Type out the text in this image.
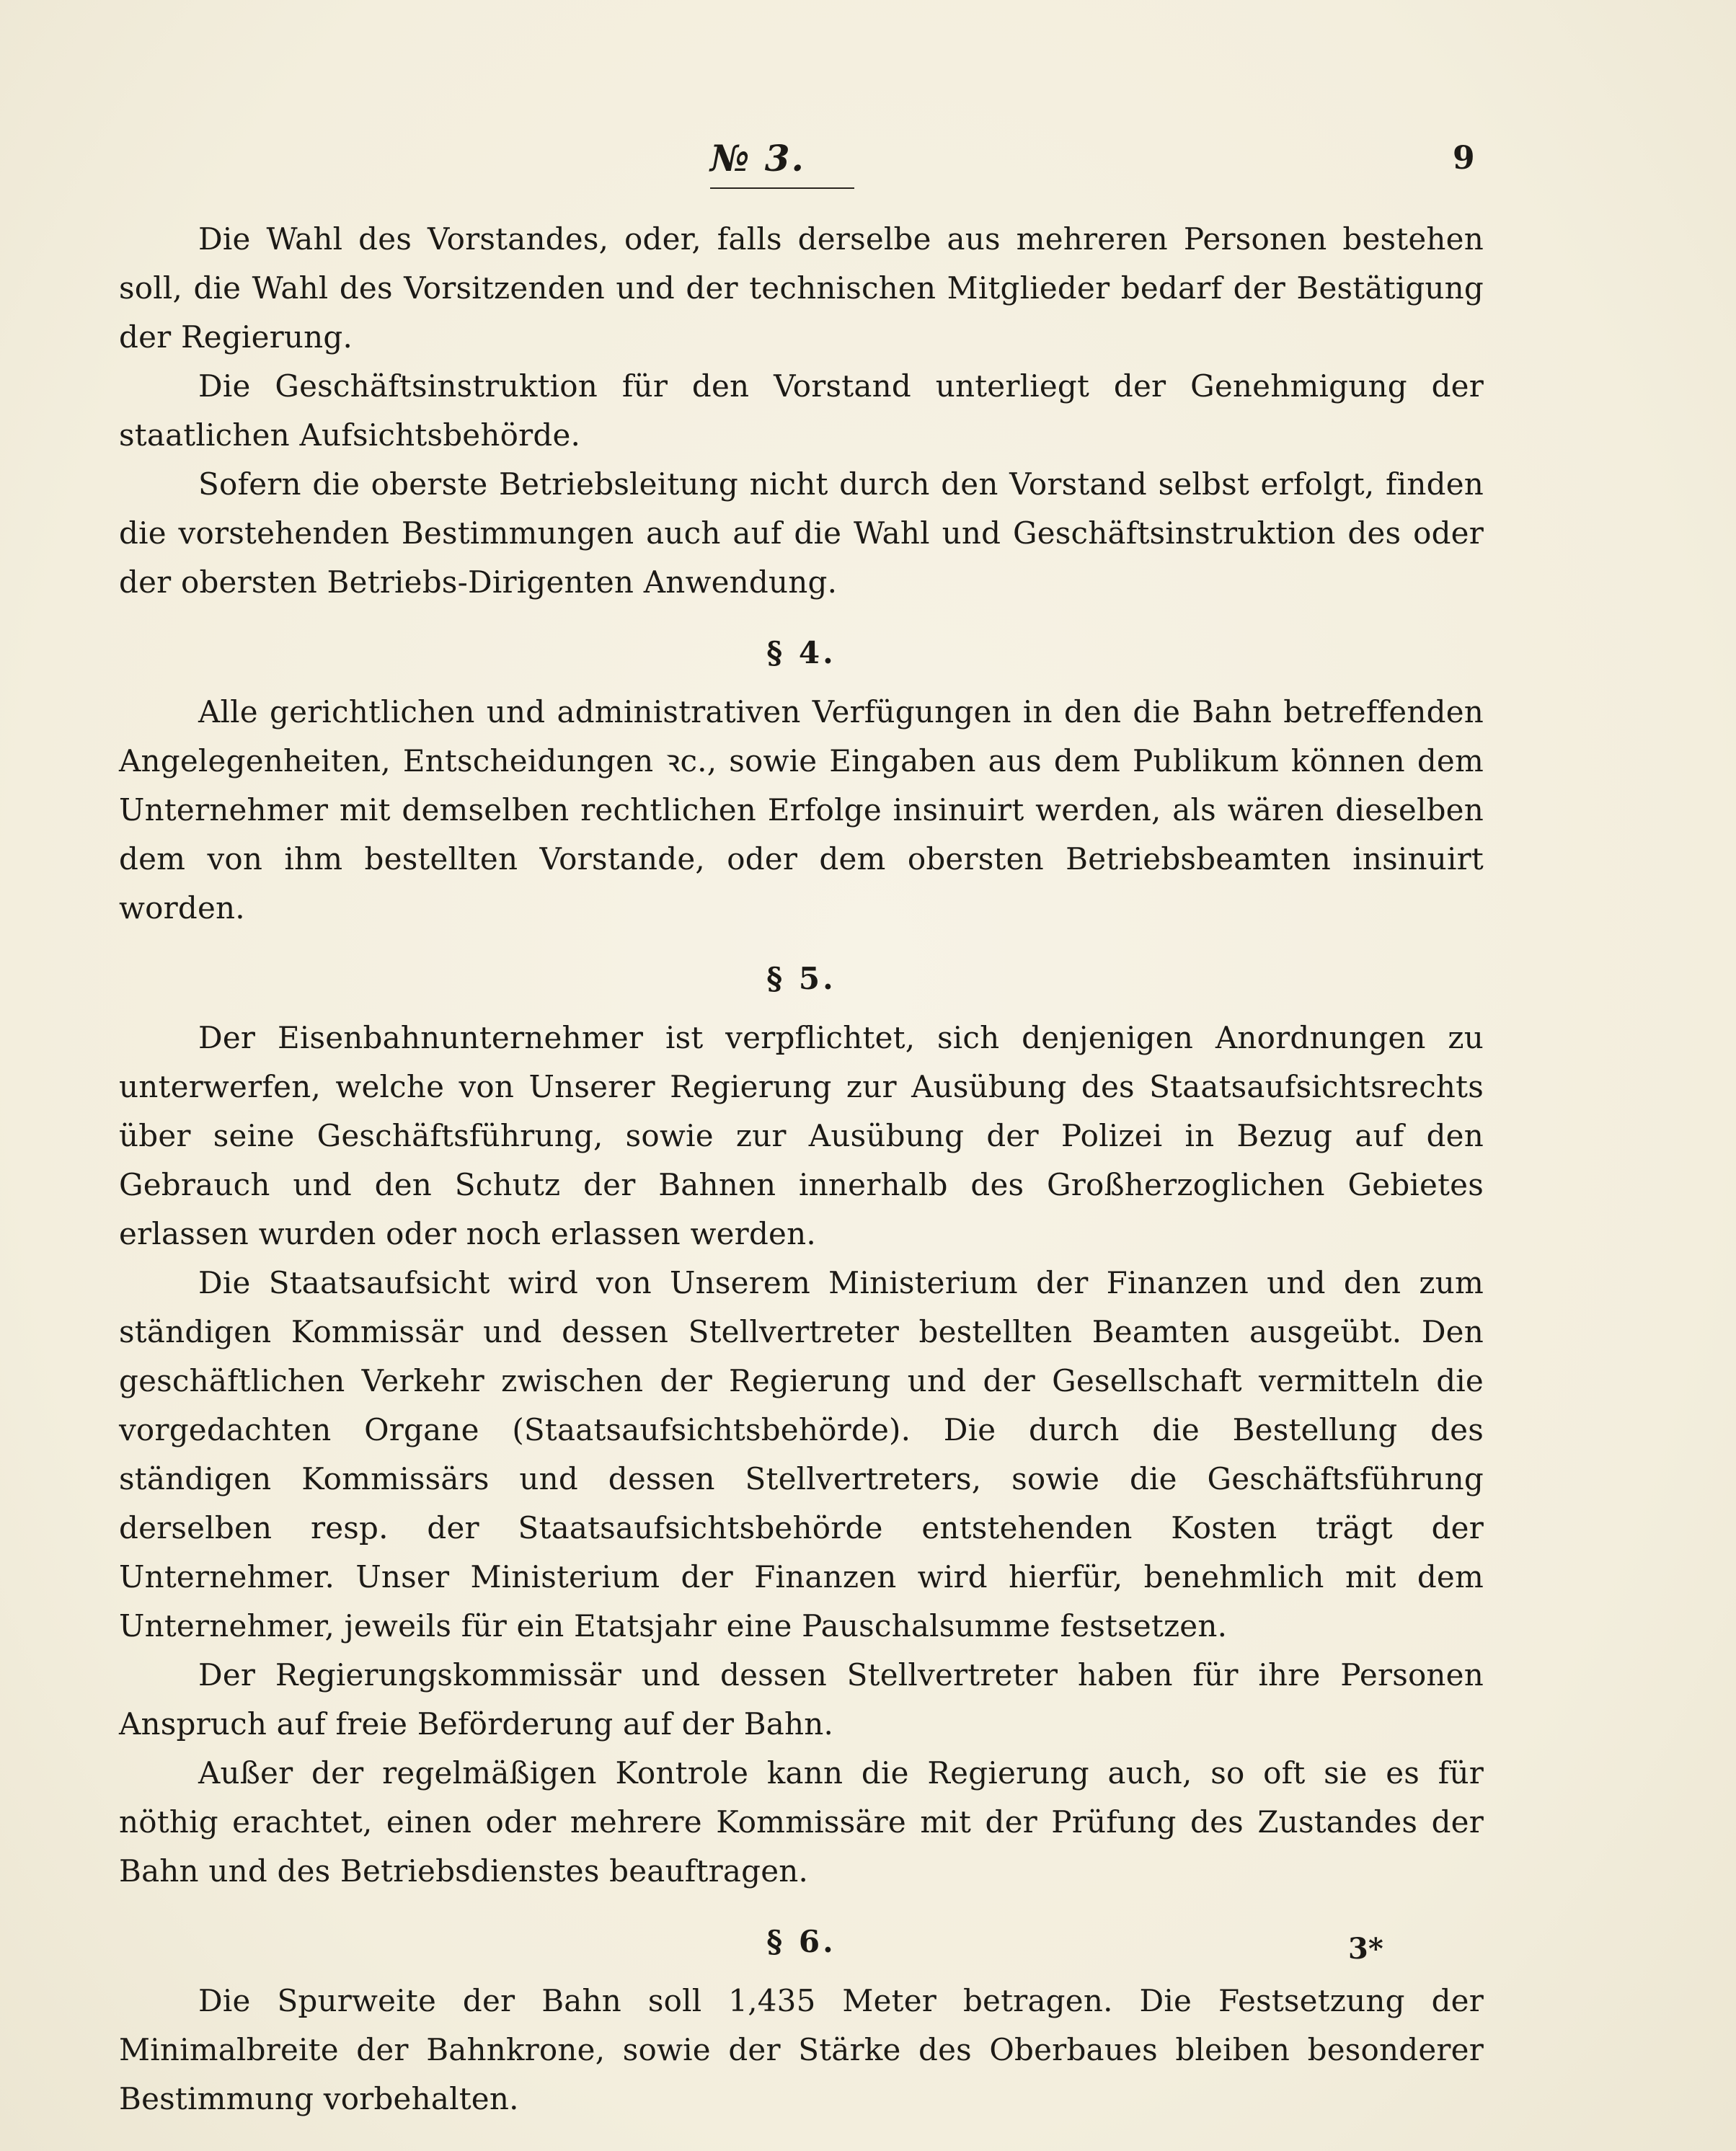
№ 3.	9

Die Wahl des Vorstandes, oder, falls derselbe aus mehreren Personen bestehen soll, die Wahl des Vorsitzenden und der technischen Mitglieder bedarf der Bestätigung der Regierung.

Die Geschäftsinstruktion für den Vorstand unterliegt der Genehmigung der staatlichen Aufsichtsbehörde.

Sofern die oberste Betriebsleitung nicht durch den Vorstand selbst erfolgt, finden die vorstehenden Bestimmungen auch auf die Wahl und Geschäftsinstruktion des oder der obersten Betriebs-Dirigenten Anwendung.

§ 4.

Alle gerichtlichen und administrativen Verfügungen in den die Bahn betreffenden Angelegenheiten, Entscheidungen ꝛc., sowie Eingaben aus dem Publikum können dem Unternehmer mit demselben rechtlichen Erfolge insinuirt werden, als wären dieselben dem von ihm bestellten Vorstande, oder dem obersten Betriebsbeamten insinuirt worden.

§ 5.

Der Eisenbahnunternehmer ist verpflichtet, sich denjenigen Anordnungen zu unterwerfen, welche von Unserer Regierung zur Ausübung des Staatsaufsichtsrechts über seine Geschäftsführung, sowie zur Ausübung der Polizei in Bezug auf den Gebrauch und den Schutz der Bahnen innerhalb des Großherzoglichen Gebietes erlassen wurden oder noch erlassen werden.

Die Staatsaufsicht wird von Unserem Ministerium der Finanzen und den zum ständigen Kommissär und dessen Stellvertreter bestellten Beamten ausgeübt. Den geschäftlichen Verkehr zwischen der Regierung und der Gesellschaft vermitteln die vorgedachten Organe (Staatsaufsichtsbehörde). Die durch die Bestellung des ständigen Kommissärs und dessen Stellvertreters, sowie die Geschäftsführung derselben resp. der Staatsaufsichtsbehörde entstehenden Kosten trägt der Unternehmer. Unser Ministerium der Finanzen wird hierfür, benehmlich mit dem Unternehmer, jeweils für ein Etatsjahr eine Pauschalsumme festsetzen.

Der Regierungskommissär und dessen Stellvertreter haben für ihre Personen Anspruch auf freie Beförderung auf der Bahn.

Außer der regelmäßigen Kontrole kann die Regierung auch, so oft sie es für nöthig erachtet, einen oder mehrere Kommissäre mit der Prüfung des Zustandes der Bahn und des Betriebsdienstes beauftragen.

§ 6.

Die Spurweite der Bahn soll 1,435 Meter betragen. Die Festsetzung der Minimalbreite der Bahnkrone, sowie der Stärke des Oberbaues bleiben besonderer Bestimmung vorbehalten.

3*
